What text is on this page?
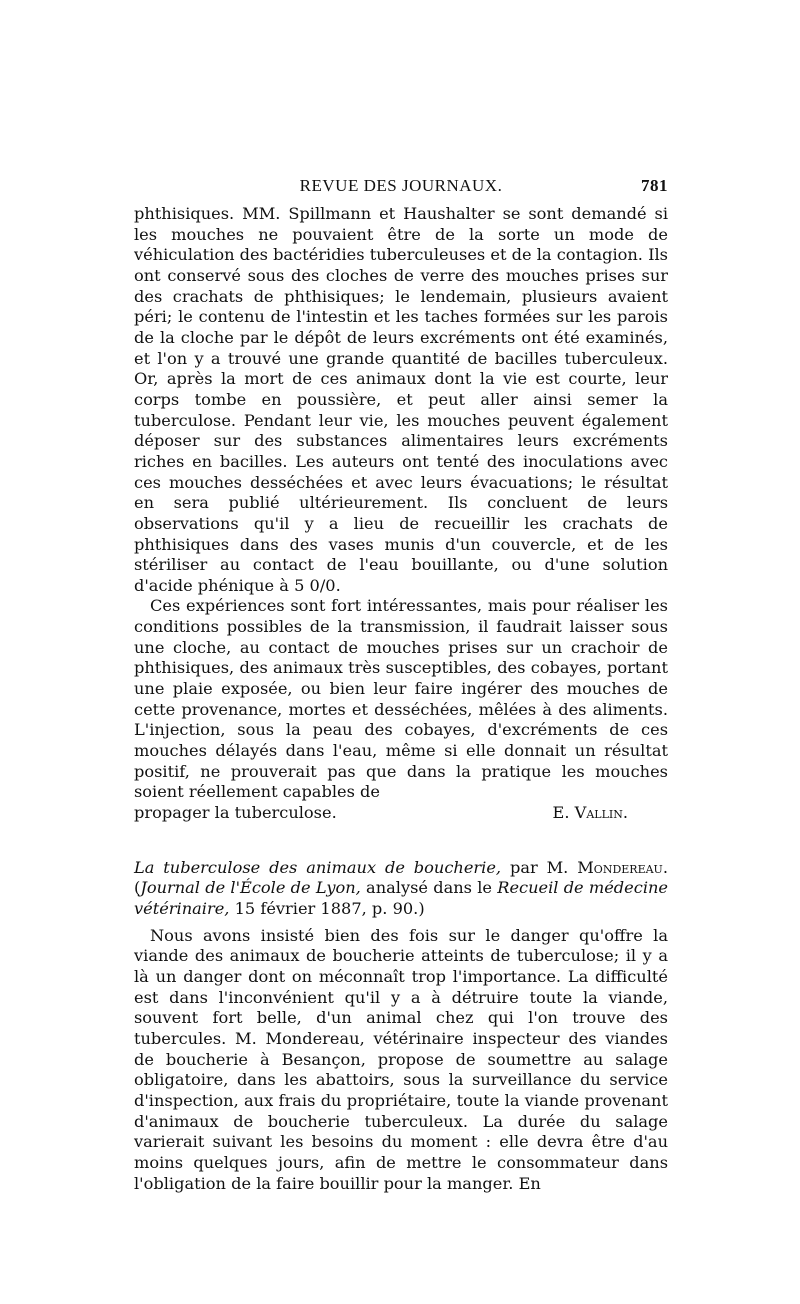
REVUE DES JOURNAUX.	781

phthisiques. MM. Spillmann et Haushalter se sont demandé si les mouches ne pouvaient être de la sorte un mode de véhiculation des bactéridies tuberculeuses et de la contagion. Ils ont conservé sous des cloches de verre des mouches prises sur des crachats de phthisiques; le lendemain, plusieurs avaient péri; le contenu de l'intestin et les taches formées sur les parois de la cloche par le dépôt de leurs excréments ont été examinés, et l'on y a trouvé une grande quantité de bacilles tuberculeux. Or, après la mort de ces animaux dont la vie est courte, leur corps tombe en poussière, et peut aller ainsi semer la tuberculose. Pendant leur vie, les mouches peuvent également déposer sur des substances alimentaires leurs excréments riches en bacilles. Les auteurs ont tenté des inoculations avec ces mouches desséchées et avec leurs évacuations; le résultat en sera publié ultérieurement. Ils concluent de leurs observations qu'il y a lieu de recueillir les crachats de phthisiques dans des vases munis d'un couvercle, et de les stériliser au contact de l'eau bouillante, ou d'une solution d'acide phénique à 5 0/0.

Ces expériences sont fort intéressantes, mais pour réaliser les conditions possibles de la transmission, il faudrait laisser sous une cloche, au contact de mouches prises sur un crachoir de phthisiques, des animaux très susceptibles, des cobayes, portant une plaie exposée, ou bien leur faire ingérer des mouches de cette provenance, mortes et desséchées, mêlées à des aliments. L'injection, sous la peau des cobayes, d'excréments de ces mouches délayés dans l'eau, même si elle donnait un résultat positif, ne prouverait pas que dans la pratique les mouches soient réellement capables de

propager la tuberculose.	E. Vallin.

La tuberculose des animaux de boucherie, par M. Mondereau. (Journal de l'École de Lyon, analysé dans le Recueil de médecine vétérinaire, 15 février 1887, p. 90.)

Nous avons insisté bien des fois sur le danger qu'offre la viande des animaux de boucherie atteints de tuberculose; il y a là un danger dont on méconnaît trop l'importance. La difficulté est dans l'inconvénient qu'il y a à détruire toute la viande, souvent fort belle, d'un animal chez qui l'on trouve des tubercules. M. Mondereau, vétérinaire inspecteur des viandes de boucherie à Besançon, propose de soumettre au salage obligatoire, dans les abattoirs, sous la surveillance du service d'inspection, aux frais du propriétaire, toute la viande provenant d'animaux de boucherie tuberculeux. La durée du salage varierait suivant les besoins du moment : elle devra être d'au moins quelques jours, afin de mettre le consommateur dans l'obligation de la faire bouillir pour la manger. En
